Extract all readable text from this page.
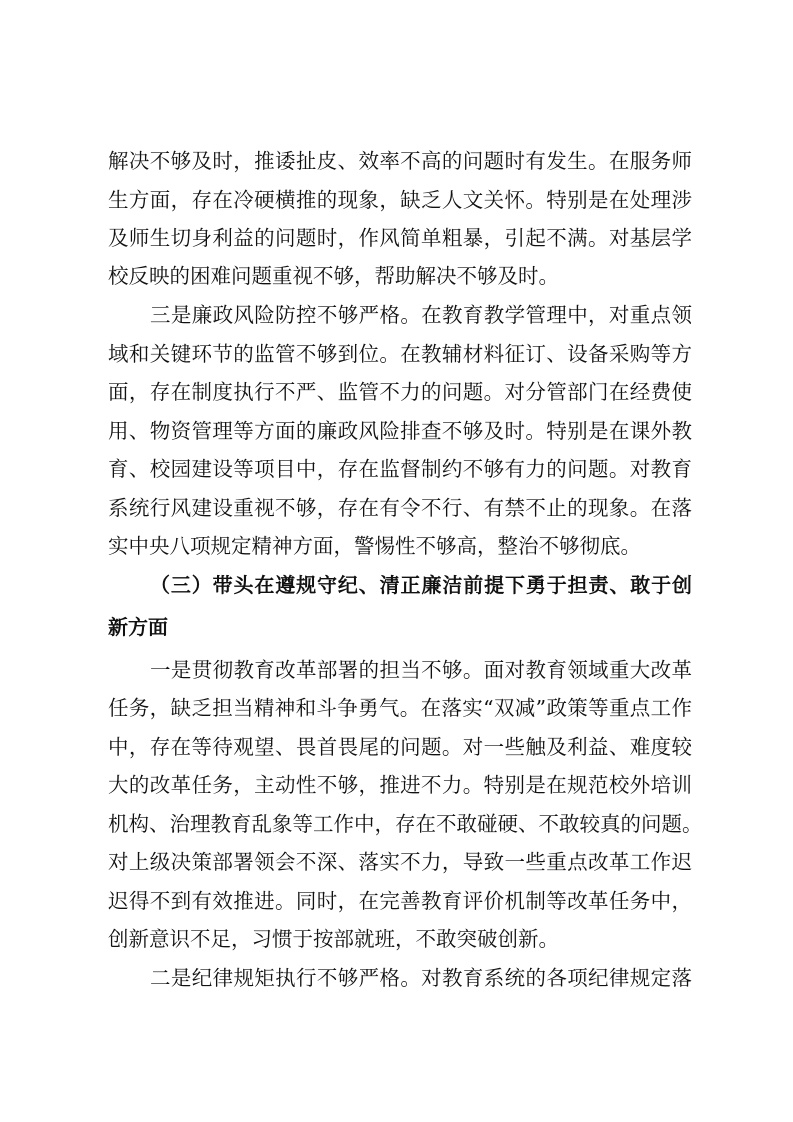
解决不够及时，推诿扯皮、效率不高的问题时有发生。在服务师

生方面，存在冷硬横推的现象，缺乏人文关怀。特别是在处理涉

及师生切身利益的问题时，作风简单粗暴，引起不满。对基层学

校反映的困难问题重视不够，帮助解决不够及时。

三是廉政风险防控不够严格。在教育教学管理中，对重点领

域和关键环节的监管不够到位。在教辅材料征订、设备采购等方

面，存在制度执行不严、监管不力的问题。对分管部门在经费使

用、物资管理等方面的廉政风险排查不够及时。特别是在课外教

育、校园建设等项目中，存在监督制约不够有力的问题。对教育

系统行风建设重视不够，存在有令不行、有禁不止的现象。在落

实中央八项规定精神方面，警惕性不够高，整治不够彻底。

（三）带头在遵规守纪、清正廉洁前提下勇于担责、敢于创

新方面

一是贯彻教育改革部署的担当不够。面对教育领域重大改革

任务，缺乏担当精神和斗争勇气。在落实“双减”政策等重点工作

中，存在等待观望、畏首畏尾的问题。对一些触及利益、难度较

大的改革任务，主动性不够，推进不力。特别是在规范校外培训

机构、治理教育乱象等工作中，存在不敢碰硬、不敢较真的问题。

对上级决策部署领会不深、落实不力，导致一些重点改革工作迟

迟得不到有效推进。同时，在完善教育评价机制等改革任务中，

创新意识不足，习惯于按部就班，不敢突破创新。

二是纪律规矩执行不够严格。对教育系统的各项纪律规定落
